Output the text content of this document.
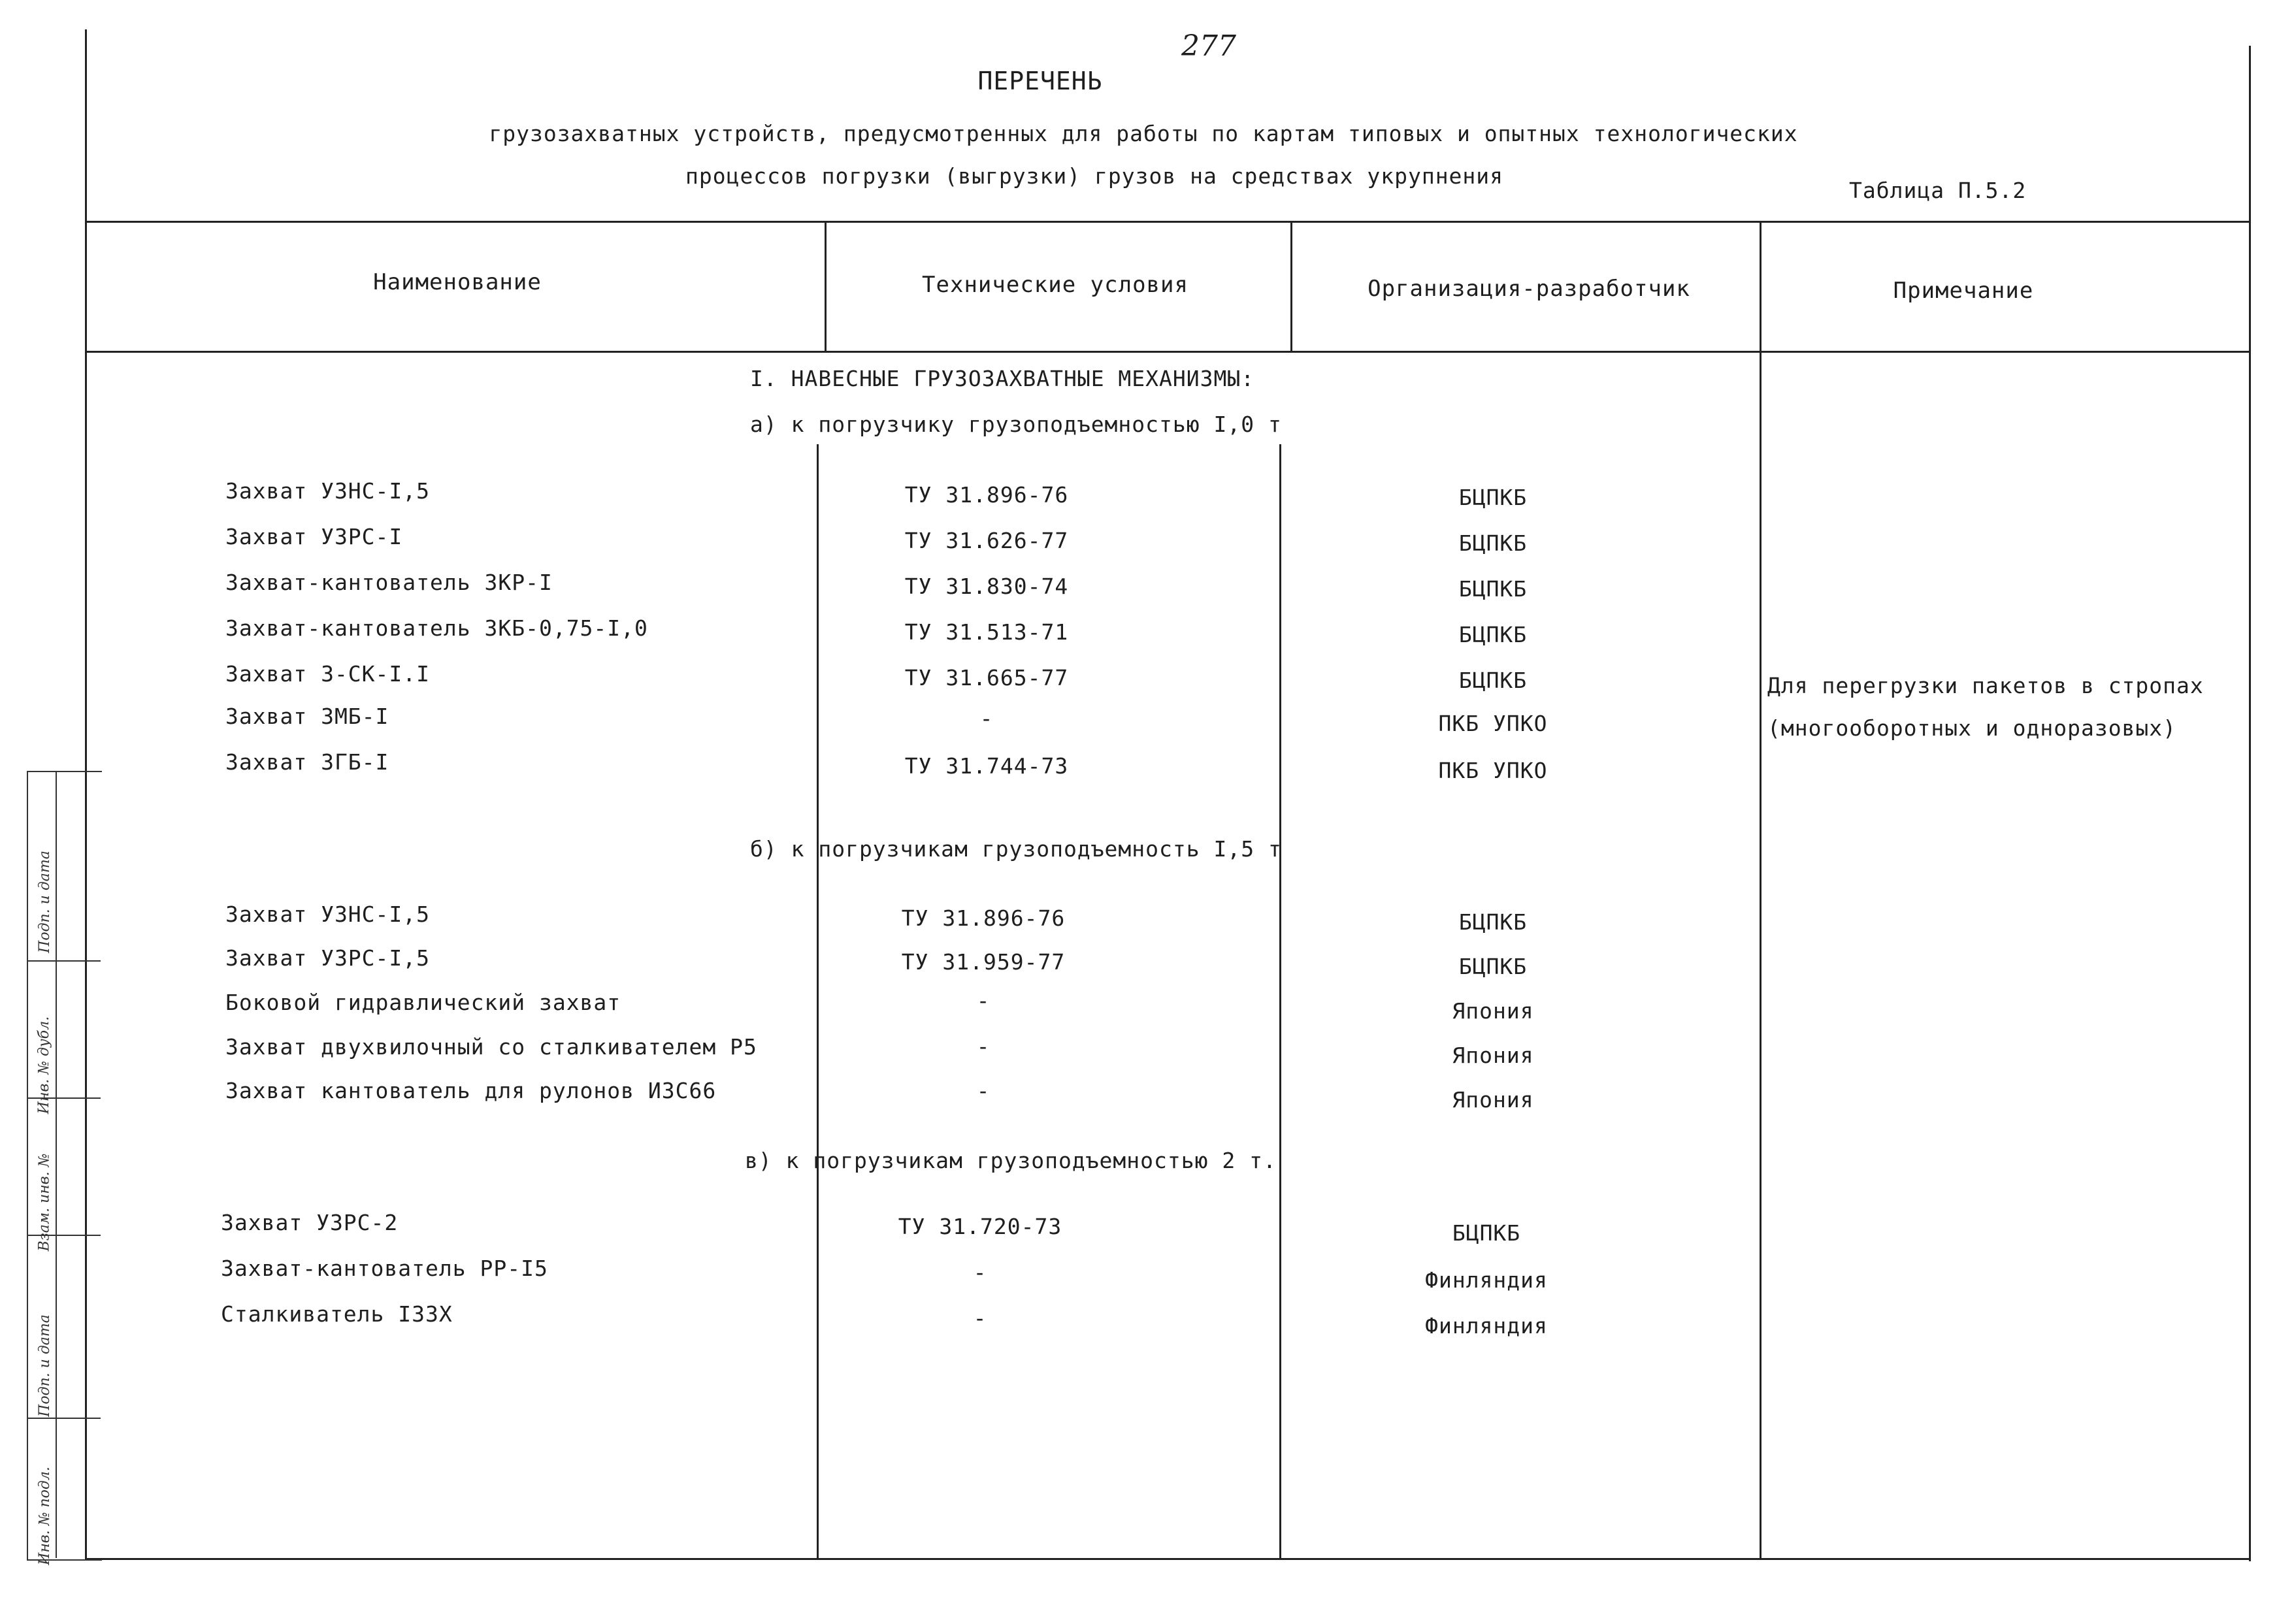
277
ПЕРЕЧЕНЬ
грузозахватных устройств, предусмотренных для работы по картам типовых и опытных технологических
процессов погрузки (выгрузки) грузов на средствах укрупнения
Таблица П.5.2
Наименование	Технические условия	Организация-разработчик	Примечание
I. НАВЕСНЫЕ ГРУЗОЗАХВАТНЫЕ МЕХАНИЗМЫ:
а) к погрузчику грузоподъемностью I,0 т
Захват УЗНС-I,5	ТУ 31.896-76	БЦПКБ
Захват УЗРС-I	ТУ 31.626-77	БЦПКБ
Захват-кантователь ЗКР-I	ТУ 31.830-74	БЦПКБ
Захват-кантователь ЗКБ-0,75-I,0	ТУ 31.513-71	БЦПКБ
Захват З-СК-I.I	ТУ 31.665-77	БЦПКБ
Захват ЗМБ-I	-	ПКБ УПКО
Захват ЗГБ-I	ТУ 31.744-73	ПКБ УПКО
Для перегрузки пакетов в стропах
(многооборотных и одноразовых)
б) к погрузчикам грузоподъемность I,5 т
Захват УЗНС-I,5	ТУ 31.896-76	БЦПКБ
Захват УЗРС-I,5	ТУ 31.959-77	БЦПКБ
Боковой гидравлический захват	-	Япония
Захват двухвилочный со сталкивателем Р5	-	Япония
Захват кантователь для рулонов ИЗС66	-	Япония
в) к погрузчикам грузоподъемностью 2 т.
Захват УЗРС-2	ТУ 31.720-73	БЦПКБ
Захват-кантователь РР-I5	-	Финляндия
Сталкиватель I33X	-	Финляндия
Инв. № подл.
Подп. и дата
Взам. инв. №
Инв. № дубл.
Подп. и дата
